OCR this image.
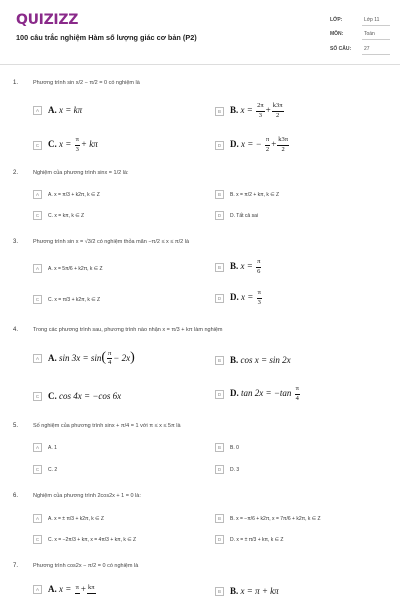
QUIZIZZ
100 câu trắc nghiệm Hàm số lượng giác cơ bản (P2)
LỚP:	Lớp 11
MÔN:	Toán
SỐ CÂU:	27
1.	Phương trình sin x/2 − π/2 = 0 có nghiệm là
A	A. x = kπ	B	B. $x = \frac{2\pi}{3} + \frac{k3\pi}{2}$
C C. $x = \frac{\pi}{3} + k\pi$	D D. x = − $\frac{\pi}{2} + \frac{k3\pi}{2}$
2.	Nghiệm của phương trình sinx = 1/2 là:
A	A. x = π/3 + k2π, k ∈ Z	B	B. x = π/2 + kπ, k ∈ Z
C	C. x = kπ, k ∈ Z	D	D. Tất cả sai
3.	Phương trình sin x = √3/2 có nghiệm thỏa mãn −π/2 ≤ x ≤ π/2 là
A	A. x = 5π/6 + k2π, k ∈ Z	B	B. $x = \frac{\pi}{6}$
C	C. x = π/3 + k2π, k ∈ Z	D D. $x = \frac{\pi}{3}$
4.	Trong các phương trình sau, phương trình nào nhận x = π/3 + kπ làm nghiệm
A	A. $\sin 3x = \sin( \frac{\pi}{4} - 2x)$	B	B. cos x = sin 2x
C C. cos 4x = −cos 6x	D D. $\tan 2x = -\tan \frac{\pi}{4}$
5.	Số nghiệm của phương trình sinx + π/4 = 1 với π ≤ x ≤ 5π là
A	A. 1	B	B. 0
C	C. 2	D	D. 3
6.	Nghiệm của phương trình 2cos2x + 1 = 0 là:
A	A. x = ± π/3 + k2π, k ∈ Z	B	B. x = −π/6 + k2π, x = 7π/6 + k2π, k ∈ Z
C	C. x = −2π/3 + kπ, x = 4π/3 + kπ, k ∈ Z	D	D. x = ± π/3 + kπ, k ∈ Z
7.	Phương trình cos2x − π/2 = 0 có nghiệm là
A	A. x = π + kπ	B	B. x = π + kπ
